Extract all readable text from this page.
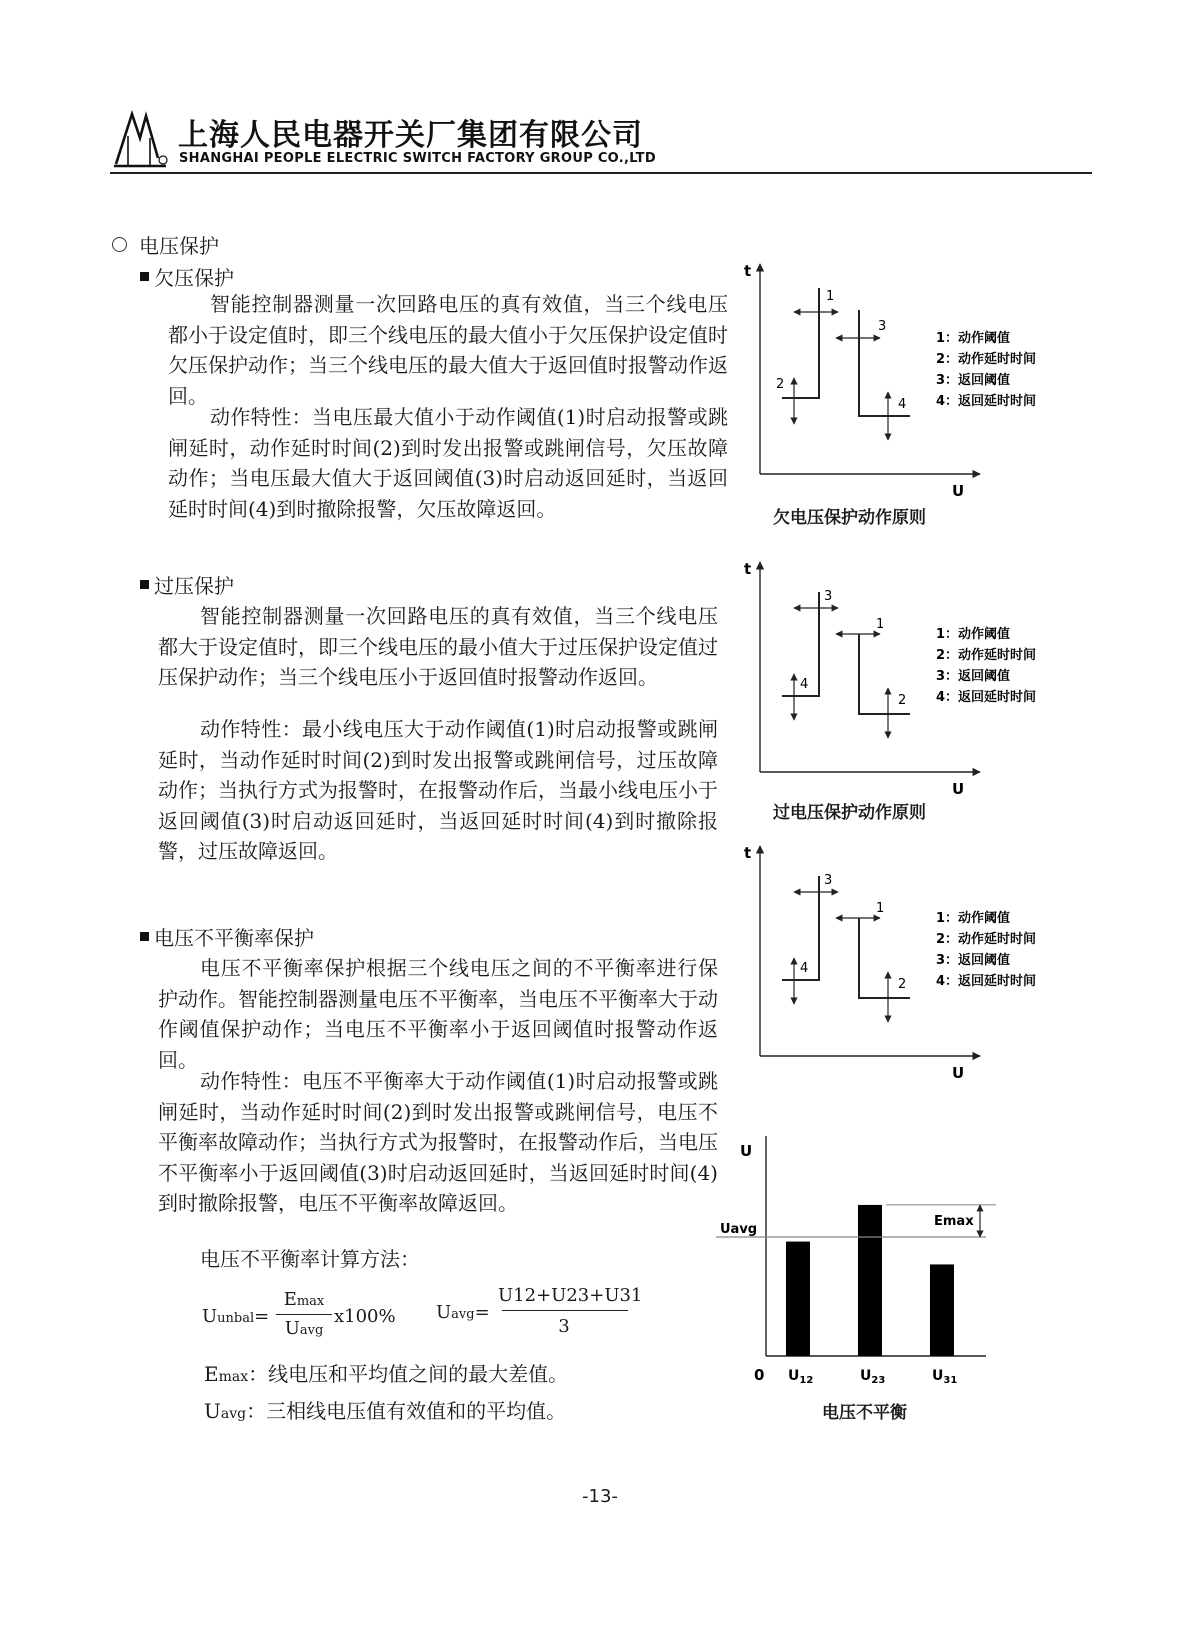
上海人民电器开关厂集团有限公司
SHANGHAI PEOPLE ELECTRIC SWITCH FACTORY GROUP CO.,LTD
电压保护
欠压保护

智能控制器测量一次回路电压的真有效值，当三个线电压都小于设定值时，即三个线电压的最大值小于欠压保护设定值时欠压保护动作；当三个线电压的最大值大于返回值时报警动作返回。

动作特性：当电压最大值小于动作阈值(1)时启动报警或跳闸延时，动作延时时间(2)到时发出报警或跳闸信号，欠压故障动作；当电压最大值大于返回阈值(3)时启动返回延时，当返回延时时间(4)到时撤除报警，欠压故障返回。

过压保护

智能控制器测量一次回路电压的真有效值，当三个线电压都大于设定值时，即三个线电压的最小值大于过压保护设定值过压保护动作；当三个线电压小于返回值时报警动作返回。

动作特性：最小线电压大于动作阈值(1)时启动报警或跳闸延时，当动作延时时间(2)到时发出报警或跳闸信号，过压故障动作；当执行方式为报警时，在报警动作后，当最小线电压小于返回阈值(3)时启动返回延时，当返回延时时间(4)到时撤除报警，过压故障返回。

电压不平衡率保护

电压不平衡率保护根据三个线电压之间的不平衡率进行保护动作。智能控制器测量电压不平衡率，当电压不平衡率大于动作阈值保护动作；当电压不平衡率小于返回阈值时报警动作返回。

动作特性：电压不平衡率大于动作阈值(1)时启动报警或跳闸延时，当动作延时时间(2)到时发出报警或跳闸信号，电压不平衡率故障动作；当执行方式为报警时，在报警动作后，当电压不平衡率小于返回阈值(3)时启动返回延时，当返回延时时间(4)到时撤除报警，电压不平衡率故障返回。

电压不平衡率计算方法：
Uunbal=
Emax
Uavg
x100% Uavg=
U12+U23+U31
3
Emax：线电压和平均值之间的最大差值。
Uavg：三相线电压值有效值和的平均值。
t
U
1
2
3
4
1：动作阈值
2：动作延时时间
3：返回阈值
4：返回延时时间
欠电压保护动作原则
t
U
3
1
4
2
1：动作阈值
2：动作延时时间
3：返回阈值
4：返回延时时间
过电压保护动作原则
t
U
3
1
4
2
1：动作阈值
2：动作延时时间
3：返回阈值
4：返回延时时间
U
0 $U_{12}$	$U_{23}$	$U_{31}$
Uavg
Emax
电压不平衡
-13-
